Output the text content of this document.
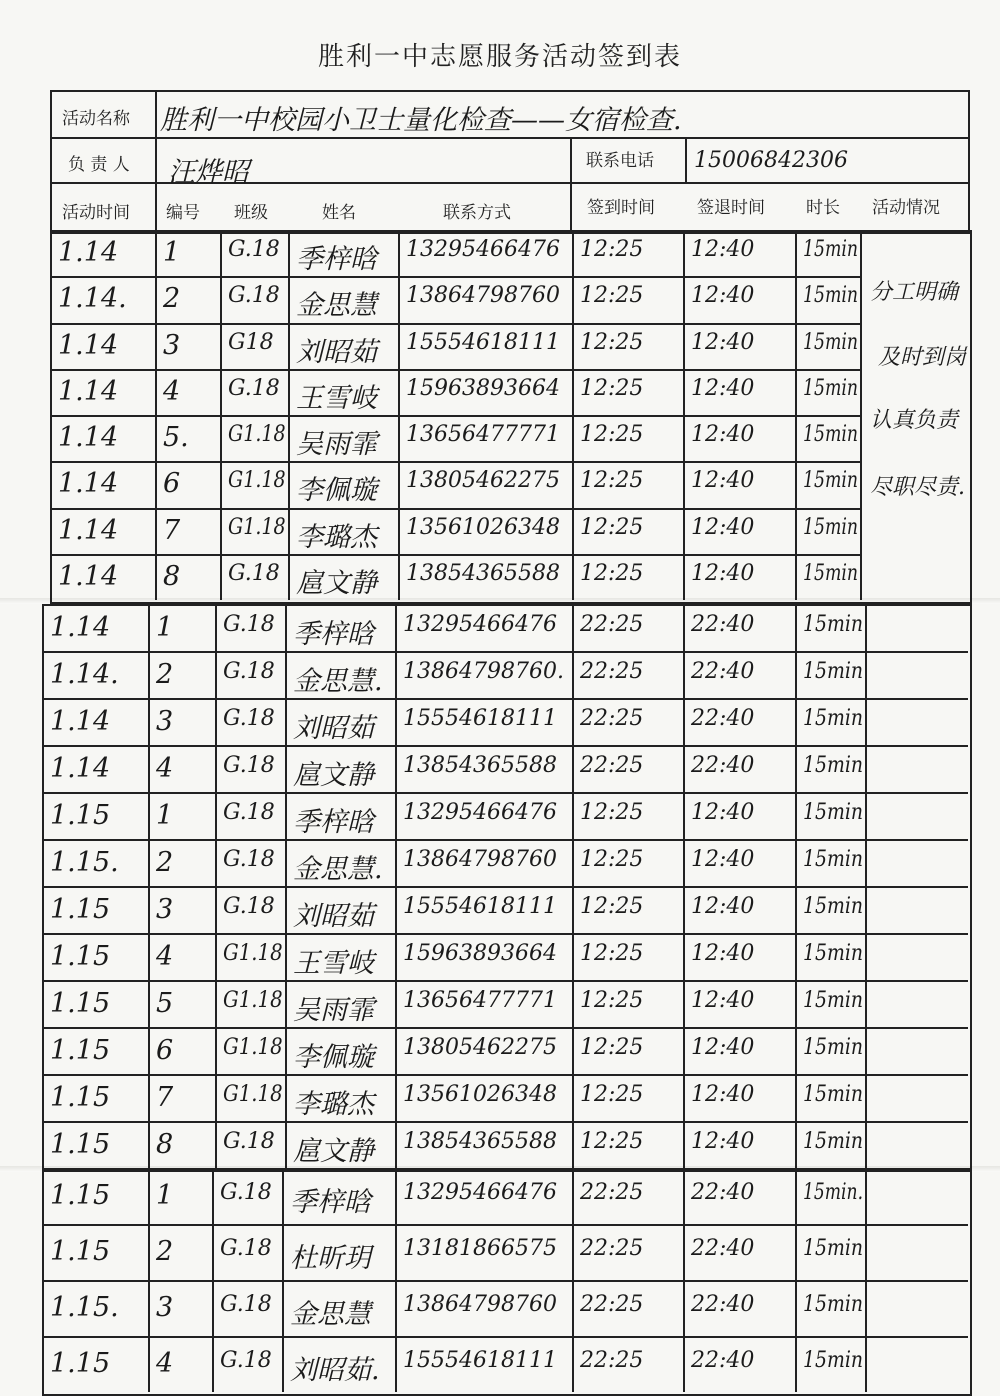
胜利一中志愿服务活动签到表
活动名称 胜利一中校园小卫士量化检查——女宿检查.
负 责 人 汪烨昭	联系电话 15006842306
活动时间 编号 班级	姓名	联系方式	签到时间 签退时间 时长 活动情况
分工明确
及时到岗
认真负责
尽职尽责.
1.14 1 G.18 季梓晗 13295466476 12:25 12:40 15min
1.14. 2 G.18 金思慧 13864798760 12:25 12:40 15min
1.14 3 G18 刘昭茹 15554618111 12:25 12:40 15min
1.14 4 G.18 王雪岐 15963893664 12:25 12:40 15min
1.14 5. G1.18 吴雨霏 13656477771 12:25 12:40 15min
1.14 6 G1.18 李佩璇 13805462275 12:25 12:40 15min
1.14 7 G1.18 李璐杰 13561026348 12:25 12:40 15min
1.14 8 G.18 扈文静 13854365588 12:25 12:40 15min
1.14 1 G.18 季梓晗 13295466476 22:25 22:40 15min
1.14. 2 G.18 金思慧. 13864798760. 22:25 22:40 15min
1.14 3 G.18 刘昭茹 15554618111 22:25 22:40 15min
1.14 4 G.18 扈文静 13854365588 22:25 22:40 15min
1.15 1 G.18 季梓晗 13295466476 12:25 12:40 15min
1.15. 2 G.18 金思慧. 13864798760 12:25 12:40 15min
1.15 3 G.18 刘昭茹 15554618111 12:25 12:40 15min
1.15 4 G1.18 王雪岐 15963893664 12:25 12:40 15min
1.15 5 G1.18 吴雨霏 13656477771 12:25 12:40 15min
1.15 6 G1.18 李佩璇 13805462275 12:25 12:40 15min
1.15 7 G1.18 李璐杰 13561026348 12:25 12:40 15min
1.15 8 G.18 扈文静 13854365588 12:25 12:40 15min
1.15 1 G.18 季梓晗 13295466476 22:25 22:40 15min.
1.15 2 G.18 杜昕玥 13181866575 22:25 22:40 15min
1.15. 3 G.18 金思慧 13864798760 22:25 22:40 15min
1.15 4 G.18 刘昭茹. 15554618111 22:25 22:40 15min
